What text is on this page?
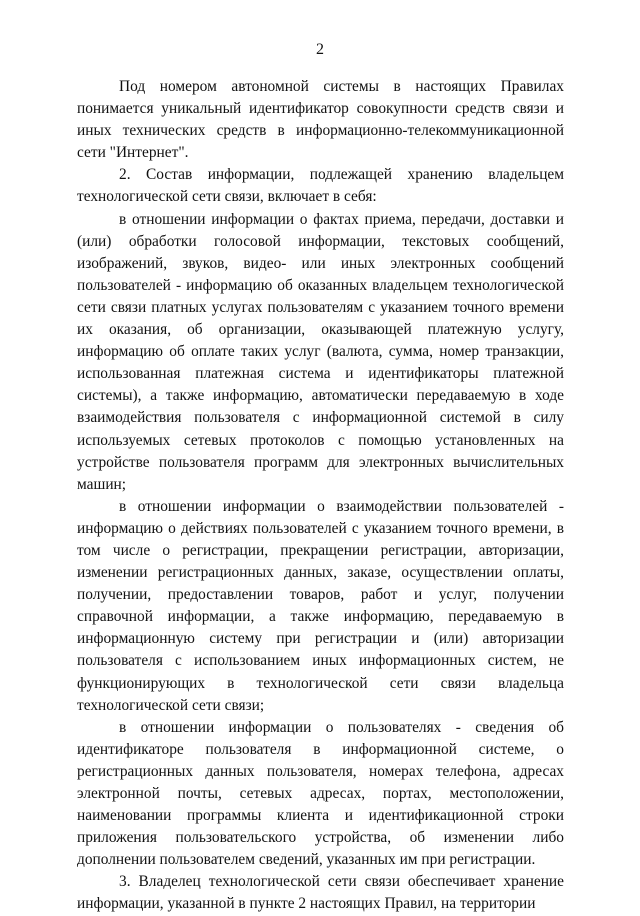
2

Под номером автономной системы в настоящих Правилах понимается уникальный идентификатор совокупности средств связи и иных технических средств в информационно-телекоммуникационной сети "Интернет".

2. Состав информации, подлежащей хранению владельцем технологической сети связи, включает в себя:

в отношении информации о фактах приема, передачи, доставки и (или) обработки голосовой информации, текстовых сообщений, изображений, звуков, видео- или иных электронных сообщений пользователей - информацию об оказанных владельцем технологической сети связи платных услугах пользователям с указанием точного времени их оказания, об организации, оказывающей платежную услугу, информацию об оплате таких услуг (валюта, сумма, номер транзакции, использованная платежная система и идентификаторы платежной системы), а также информацию, автоматически передаваемую в ходе взаимодействия пользователя с информационной системой в силу используемых сетевых протоколов с помощью установленных на устройстве пользователя программ для электронных вычислительных машин;

в отношении информации о взаимодействии пользователей - информацию о действиях пользователей с указанием точного времени, в том числе о регистрации, прекращении регистрации, авторизации, изменении регистрационных данных, заказе, осуществлении оплаты, получении, предоставлении товаров, работ и услуг, получении справочной информации, а также информацию, передаваемую в информационную систему при регистрации и (или) авторизации пользователя с использованием иных информационных систем, не функционирующих в технологической сети связи владельца технологической сети связи;

в отношении информации о пользователях - сведения об идентификаторе пользователя в информационной системе, о регистрационных данных пользователя, номерах телефона, адресах электронной почты, сетевых адресах, портах, местоположении, наименовании программы клиента и идентификационной строки приложения пользовательского устройства, об изменении либо дополнении пользователем сведений, указанных им при регистрации.

3. Владелец технологической сети связи обеспечивает хранение информации, указанной в пункте 2 настоящих Правил, на территории
